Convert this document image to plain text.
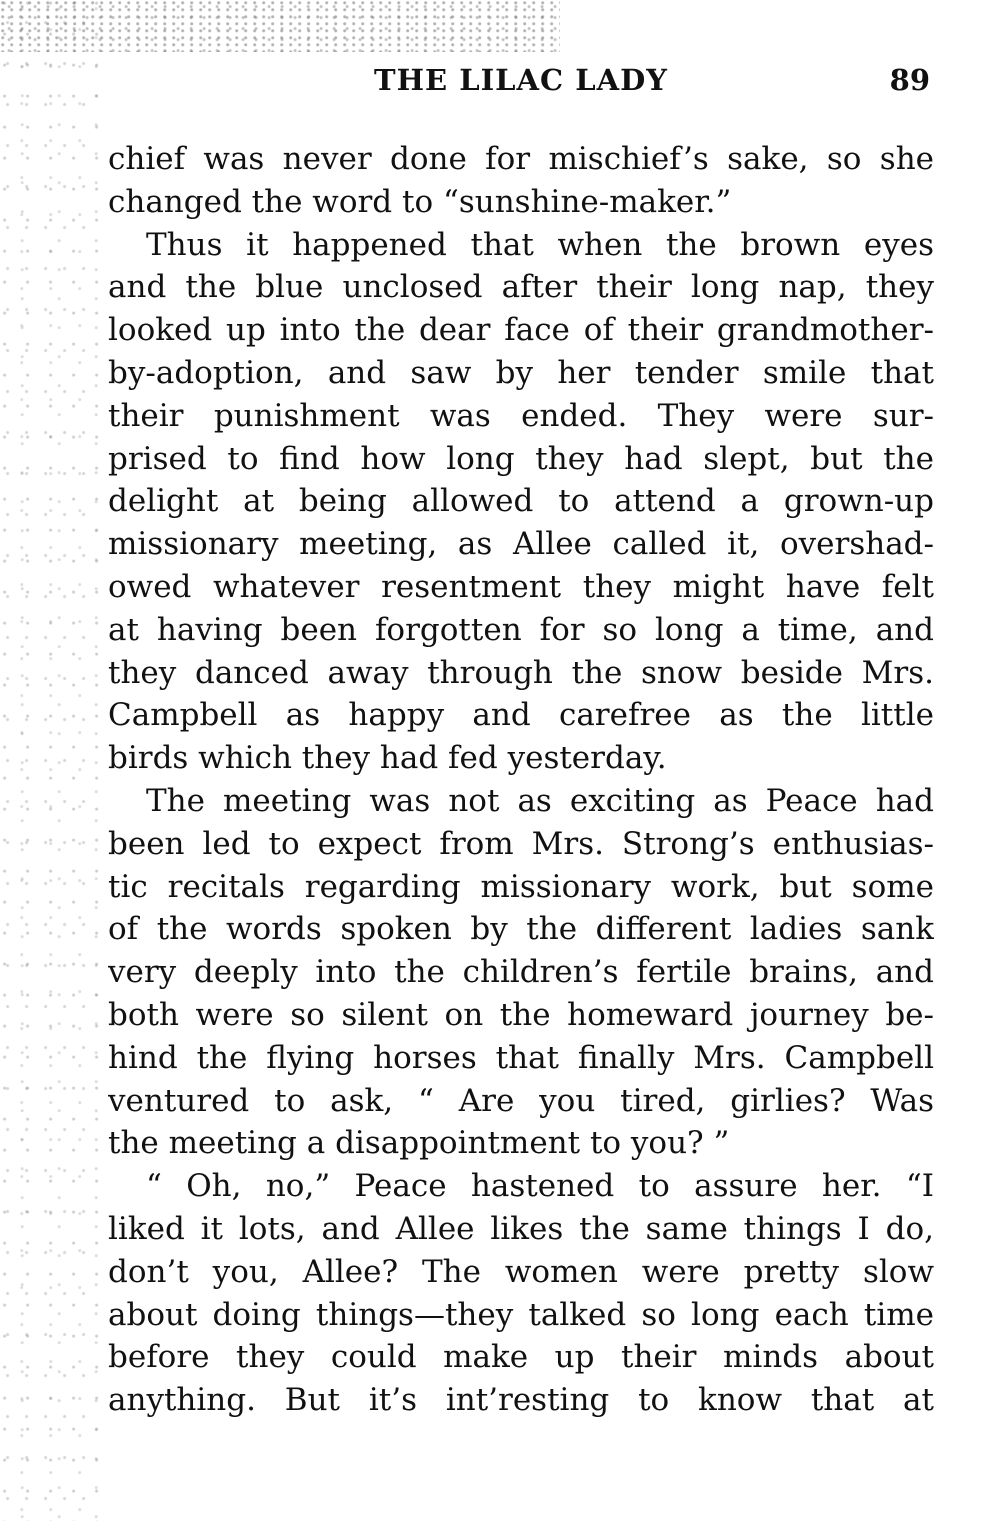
THE LILAC LADY	89
chief was never done for mischief’s sake, so she
changed the word to “sunshine-maker.”
Thus it happened that when the brown eyes
and the blue unclosed after their long nap, they
looked up into the dear face of their grandmother-
by-adoption, and saw by her tender smile that
their punishment was ended. They were sur-
prised to find how long they had slept, but the
delight at being allowed to attend a grown-up
missionary meeting, as Allee called it, overshad-
owed whatever resentment they might have felt
at having been forgotten for so long a time, and
they danced away through the snow beside Mrs.
Campbell as happy and carefree as the little
birds which they had fed yesterday.
The meeting was not as exciting as Peace had
been led to expect from Mrs. Strong’s enthusias-
tic recitals regarding missionary work, but some
of the words spoken by the different ladies sank
very deeply into the children’s fertile brains, and
both were so silent on the homeward journey be-
hind the flying horses that finally Mrs. Campbell
ventured to ask, “ Are you tired, girlies? Was
the meeting a disappointment to you? ”
“ Oh, no,” Peace hastened to assure her. “I
liked it lots, and Allee likes the same things I do,
don’t you, Allee? The women were pretty slow
about doing things—they talked so long each time
before they could make up their minds about
anything. But it’s int’resting to know that at
